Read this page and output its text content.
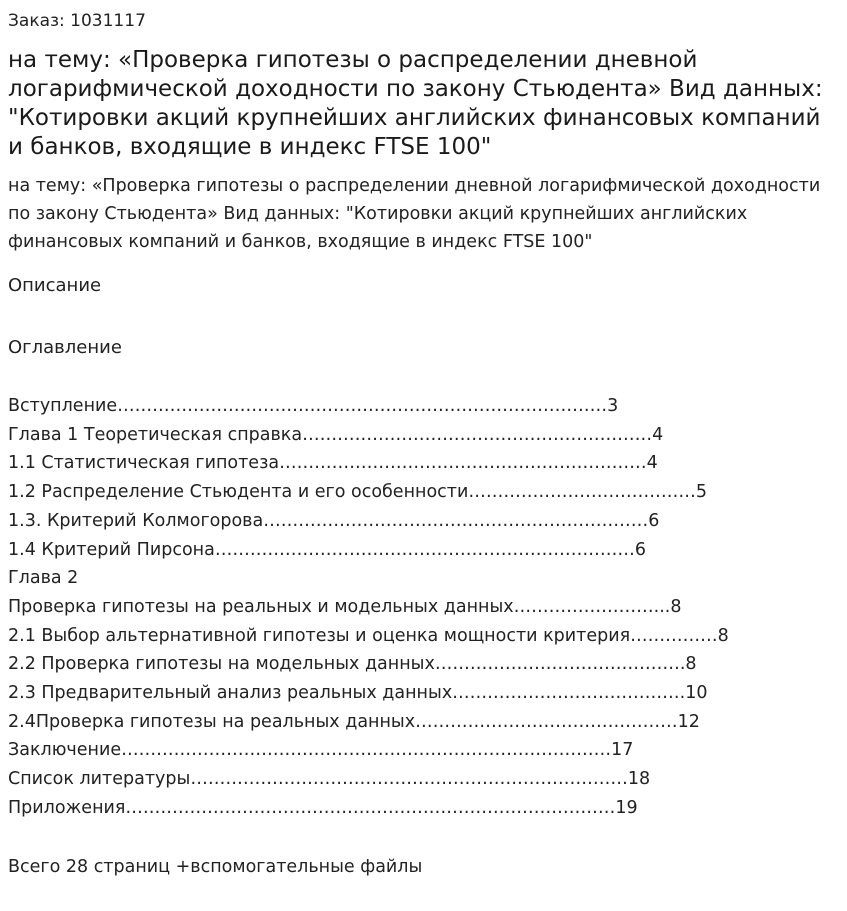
Заказ: 1031117
на тему: «Проверка гипотезы о распределении дневной логарифмической доходности по закону Стьюдента» Вид данных: "Котировки акций крупнейших английских финансовых компаний и банков, входящие в индекс FTSE 100"
на тему: «Проверка гипотезы о распределении дневной логарифмической доходности по закону Стьюдента» Вид данных: "Котировки акций крупнейших английских финансовых компаний и банков, входящие в индекс FTSE 100"
Описание
Оглавление
Вступление…………………………………………………………………………3
Глава 1 Теоретическая справка……………………………………………………4
1.1 Статистическая гипотеза………………………………………………………4
1.2 Распределение Стьюдента и его особенности…………………………………5
1.3. Критерий Колмогорова…………………………………………………………6
1.4 Критерий Пирсона………………………………………………………………6
Глава 2
Проверка гипотезы на реальных и модельных данных……………………...8
2.1 Выбор альтернативной гипотезы и оценка мощности критерия……………8
2.2 Проверка гипотезы на модельных данных…………………………………….8
2.3 Предварительный анализ реальных данных………………………………….10
2.4Проверка гипотезы на реальных данных………………………………………12
Заключение…………………………………………………………………………17
Список литературы…………………………………………………………………18
Приложения…………………………………………………………………………19
Всего 28 страниц +вспомогательные файлы
